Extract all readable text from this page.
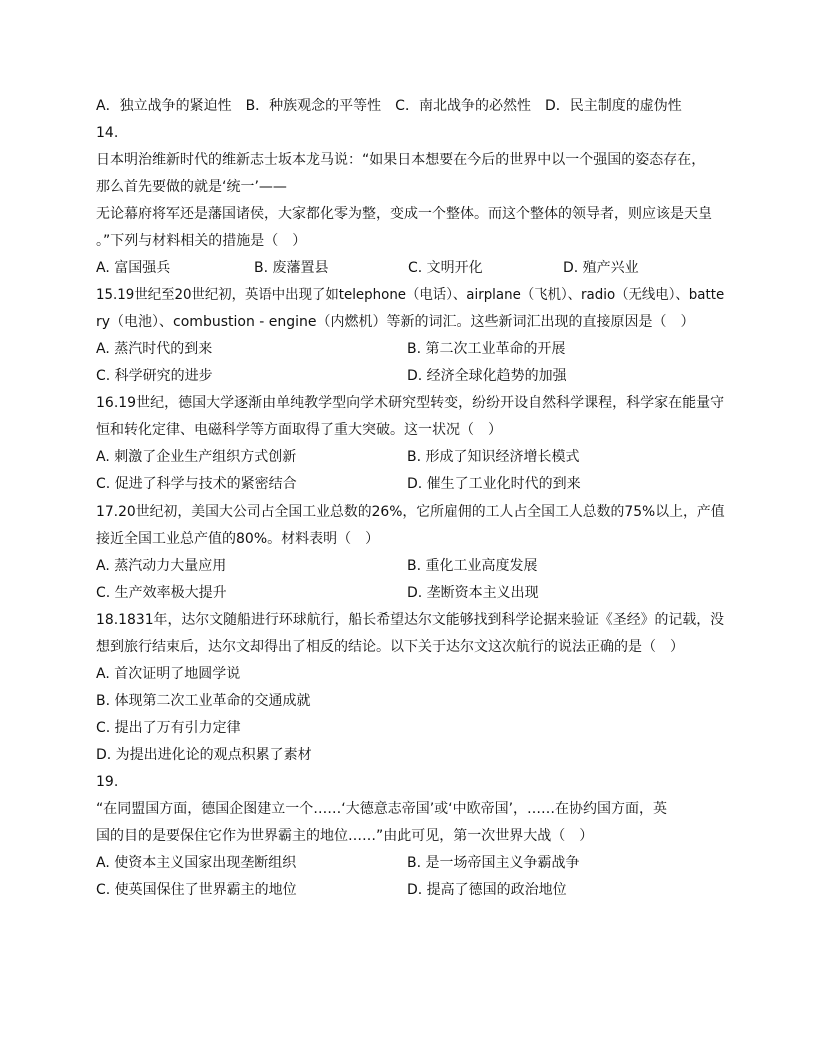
A．独立战争的紧迫性　B．种族观念的平等性　C．南北战争的必然性　D．民主制度的虚伪性
14.
日本明治维新时代的维新志士坂本龙马说：“如果日本想要在今后的世界中以一个强国的姿态存在，
那么首先要做的就是‘统一’——
无论幕府将军还是藩国诸侯，大家都化零为整，变成一个整体。而这个整体的领导者，则应该是天皇
。”下列与材料相关的措施是（　）
A. 富国强兵	B. 废藩置县	C. 文明开化	D. 殖产兴业
15.19世纪至20世纪初，英语中出现了如telephone（电话）、airplane（飞机）、radio（无线电）、batte
ry（电池）、combustion - engine（内燃机）等新的词汇。这些新词汇出现的直接原因是（　）
A. 蒸汽时代的到来	B. 第二次工业革命的开展
C. 科学研究的进步	D. 经济全球化趋势的加强
16.19世纪，德国大学逐渐由单纯教学型向学术研究型转变，纷纷开设自然科学课程，科学家在能量守
恒和转化定律、电磁科学等方面取得了重大突破。这一状况（　）
A. 刺激了企业生产组织方式创新	B. 形成了知识经济增长模式
C. 促进了科学与技术的紧密结合	D. 催生了工业化时代的到来
17.20世纪初，美国大公司占全国工业总数的26%，它所雇佣的工人占全国工人总数的75%以上，产值
接近全国工业总产值的80%。材料表明（　）
A. 蒸汽动力大量应用	B. 重化工业高度发展
C. 生产效率极大提升	D. 垄断资本主义出现
18.1831年，达尔文随船进行环球航行，船长希望达尔文能够找到科学论据来验证《圣经》的记载，没
想到旅行结束后，达尔文却得出了相反的结论。以下关于达尔文这次航行的说法正确的是（　）
A. 首次证明了地圆学说
B. 体现第二次工业革命的交通成就
C. 提出了万有引力定律
D. 为提出进化论的观点积累了素材
19.
“在同盟国方面，德国企图建立一个……‘大德意志帝国’或‘中欧帝国’，……在协约国方面，英
国的目的是要保住它作为世界霸主的地位……”由此可见，第一次世界大战（　）
A. 使资本主义国家出现垄断组织	B. 是一场帝国主义争霸战争
C. 使英国保住了世界霸主的地位	D. 提高了德国的政治地位
